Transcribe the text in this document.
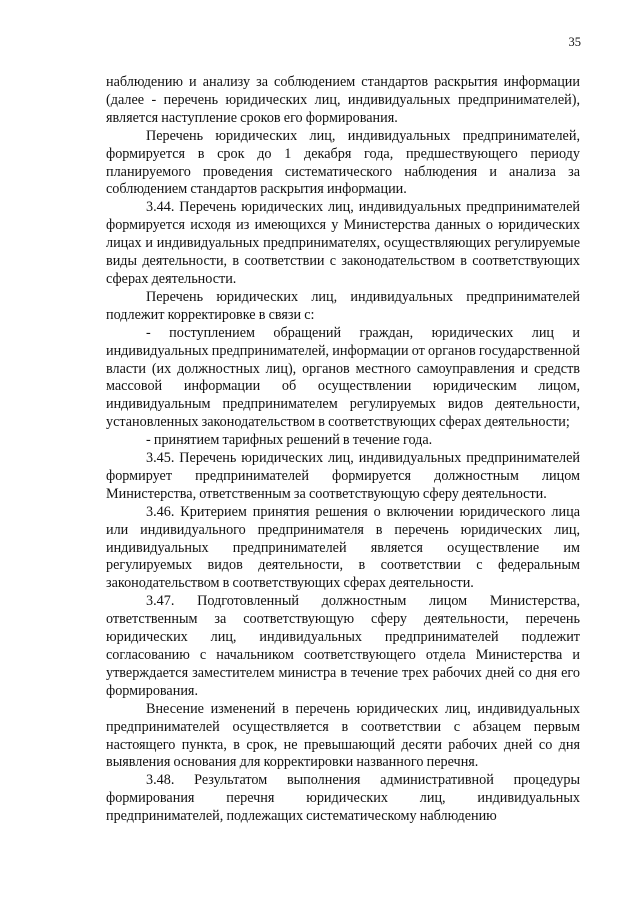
35

наблюдению и анализу за соблюдением стандартов раскрытия информации (далее - перечень юридических лиц, индивидуальных предпринимателей), является наступление сроков его формирования.

Перечень юридических лиц, индивидуальных предпринимателей, формируется в срок до 1 декабря года, предшествующего периоду планируемого проведения систематического наблюдения и анализа за соблюдением стандартов раскрытия информации.

3.44. Перечень юридических лиц, индивидуальных предпринимателей формируется исходя из имеющихся у Министерства данных о юридических лицах и индивидуальных предпринимателях, осуществляющих регулируемые виды деятельности, в соответствии с законодательством в соответствующих сферах деятельности.

Перечень юридических лиц, индивидуальных предпринимателей подлежит корректировке в связи с:

- поступлением обращений граждан, юридических лиц и индивидуальных предпринимателей, информации от органов государственной власти (их должностных лиц), органов местного самоуправления и средств массовой информации об осуществлении юридическим лицом, индивидуальным предпринимателем регулируемых видов деятельности, установленных законодательством в соответствующих сферах деятельности;

- принятием тарифных решений в течение года.

3.45. Перечень юридических лиц, индивидуальных предпринимателей формирует предпринимателей формируется должностным лицом Министерства, ответственным за соответствующую сферу деятельности.

3.46. Критерием принятия решения о включении юридического лица или индивидуального предпринимателя в перечень юридических лиц, индивидуальных предпринимателей является осуществление им регулируемых видов деятельности, в соответствии с федеральным законодательством в соответствующих сферах деятельности.

3.47. Подготовленный должностным лицом Министерства, ответственным за соответствующую сферу деятельности, перечень юридических лиц, индивидуальных предпринимателей подлежит согласованию с начальником соответствующего отдела Министерства и утверждается заместителем министра в течение трех рабочих дней со дня его формирования.

Внесение изменений в перечень юридических лиц, индивидуальных предпринимателей осуществляется в соответствии с абзацем первым настоящего пункта, в срок, не превышающий десяти рабочих дней со дня выявления основания для корректировки названного перечня.

3.48. Результатом выполнения административной процедуры формирования перечня юридических лиц, индивидуальных предпринимателей, подлежащих систематическому наблюдению
